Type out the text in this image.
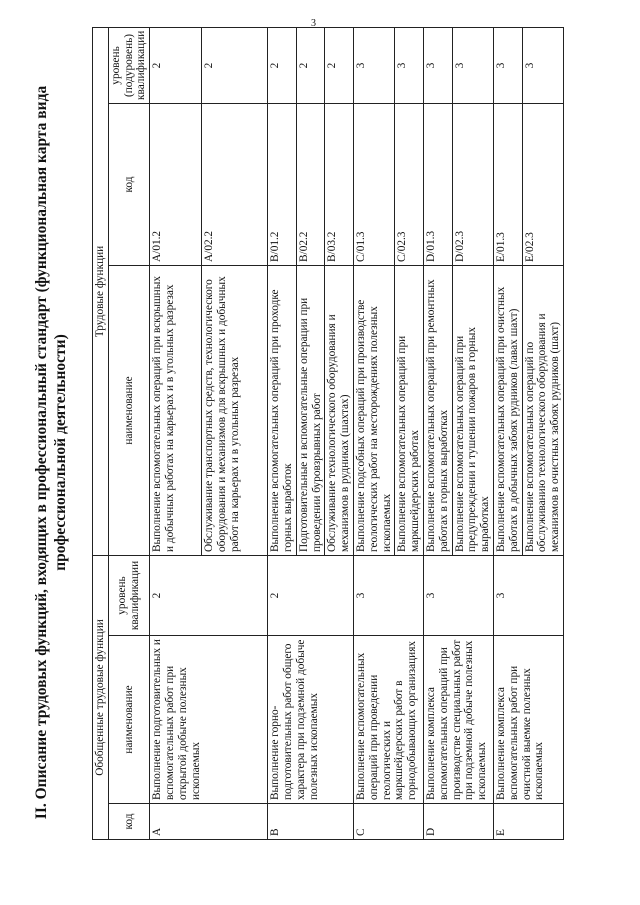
3
II. Описание трудовых функций, входящих в профессиональный стандарт (функциональная карта вида профессиональной деятельности)
Обобщенные трудовые функции			Трудовые функции		
код	наименование	уровень квалификации	наименование	код	уровень (подуровень) квалификации
A	Выполнение подготовительных и вспомогательных работ при открытой добыче полезных ископаемых	2	Выполнение вспомогательных операций при вскрышных и добычных работах на карьерах и в угольных разрезах	A/01.2	2
			Обслуживание транспортных средств, технологического оборудования и механизмов для вскрышных и добычных работ на карьерах и в угольных разрезах	A/02.2	2
B	Выполнение горно-подготовительных работ общего характера при подземной добыче полезных ископаемых	2	Выполнение вспомогательных операций при проходке горных выработок	B/01.2	2
			Подготовительные и вспомогательные операции при проведении буровзрывных работ	B/02.2	2
			Обслуживание технологического оборудования и механизмов в рудниках (шахтах)	B/03.2	2
C	Выполнение вспомогательных операций при проведении геологических и маркшейдерских работ в горнодобывающих организациях	3	Выполнение подсобных операций при производстве геологических работ на месторождениях полезных ископаемых	C/01.3	3
			Выполнение вспомогательных операций при маркшейдерских работах	C/02.3	3
D	Выполнение комплекса вспомогательных операций при производстве специальных работ при подземной добыче полезных ископаемых	3	Выполнение вспомогательных операций при ремонтных работах в горных выработках	D/01.3	3
			Выполнение вспомогательных операций при предупреждении и тушении пожаров в горных выработках	D/02.3	3
E	Выполнение комплекса вспомогательных работ при очистной выемке полезных ископаемых	3	Выполнение вспомогательных операций при очистных работах в добычных забоях рудников (лавах шахт)	E/01.3	3
			Выполнение вспомогательных операций по обслуживанию технологического оборудования и механизмов в очистных забоях рудников (шахт)	E/02.3	3
